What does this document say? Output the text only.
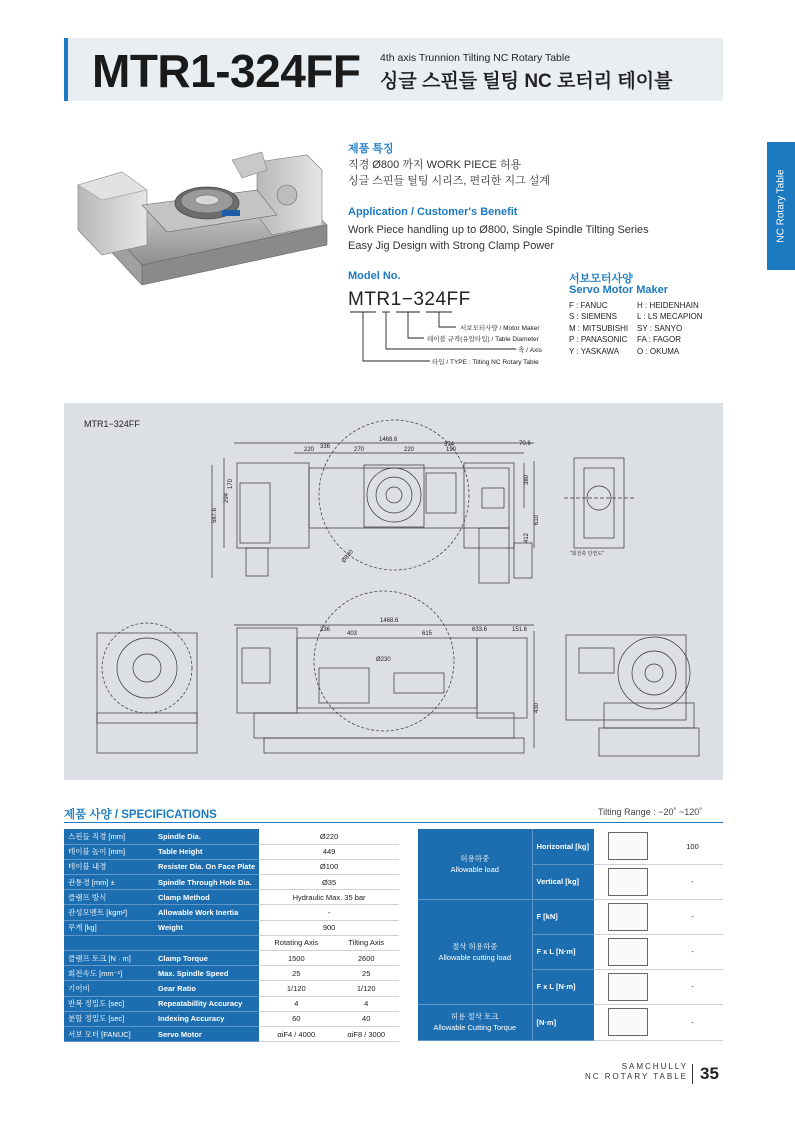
MTR1-324FF 4th axis Trunnion Tilting NC Rotary Table
싱글 스핀들 틸팅 NC 로터리 테이블
NC Rotary Table
제품 특징
직경 Ø800 까지 WORK PIECE 허용
싱글 스핀들 틸팅 시리즈, 편리한 지그 설계
Application / Customer's Benefit
Work Piece handling up to Ø800, Single Spindle Tilting Series
Easy Jig Design with Strong Clamp Power
Model No.
MTR1−324FF
서보모터사양 / Motor Maker
테이블 규격(유압타입) / Table Diameter
축 / Axis
타입 / TYPE : Tilting NC Rotary Table
서보모터사양
Servo Motor Maker
F : FANUC	H : HEIDENHAIN
S : SIEMENS L : LS MECAPION
M : MITSUBISHI SY : SANYO
P : PANASONIC FA : FAGOR
Y : YASKAWA O : OKUMA
MTR1−324FF
1468.6
336	270	220
220	190
374	70.6
587.6
294
170	380
610
412
Ø830	"회전축 단면도"
1468.6
336
403	615
633.6	151.6
Ø230
430
제품 사양 / SPECIFICATIONS	Tilting Range : −20˚ ~120˚
스핀들 직경 [mm]	Spindle Dia.	Ø220	
테이블 높이 [mm]	Table Height	449	
테이블 내경	Resister Dia. On Face Plate	Ø100	
관통경 [mm] ±	Spindle Through Hole Dia.	Ø35	
클램프 방식	Clamp Method	Hydraulic Max. 35 bar	
관성모멘트 [kgm²]	Allowable Work Inertia	-	
무게 [kg]	Weight	900	
		Rotating Axis	Tilting Axis
클램프 토크 [N · m]	Clamp Torque	1500	2600
회전속도 [mm⁻¹]	Max. Spindle Speed	25	25
기어비	Gear Ratio	1/120	1/120
반복 정밀도 [sec]	Repeatabillity Accuracy	4	4
분할 정밀도 [sec]	Indexing Accuracy	60	40
서보 모터 [FANUC]	Servo Motor	αiF4 / 4000	αiF8 / 3000
허용하중
Allowable load	Horizontal [kg]		100
	Vertical [kg]		-
절삭 허용하중
Allowable cutting load	F [kN]		-
	F x L [N·m]		-
	F x L [N·m]		-
허용 절삭 토크
Allowable Cutting Torque	[N·m]		-
SAMCHULLY
NC ROTARY TABLE 35
